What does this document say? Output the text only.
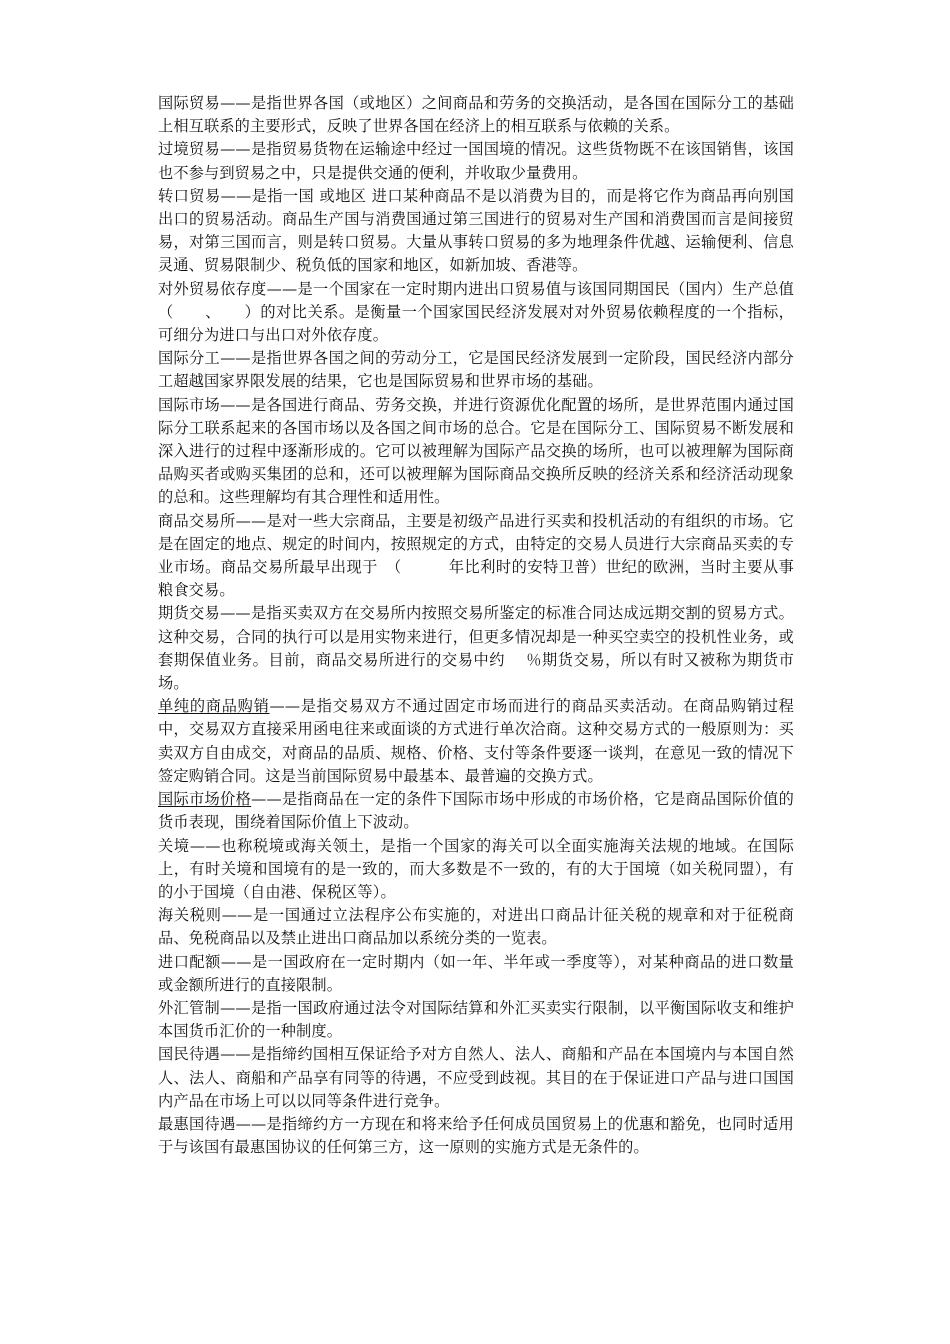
国际贸易——是指世界各国（或地区）之间商品和劳务的交换活动，是各国在国际分工的基础上相互联系的主要形式，反映了世界各国在经济上的相互联系与依赖的关系。

过境贸易——是指贸易货物在运输途中经过一国国境的情况。这些货物既不在该国销售，该国也不参与到贸易之中，只是提供交通的便利，并收取少量费用。

转口贸易——是指一国 或地区 进口某种商品不是以消费为目的，而是将它作为商品再向别国出口的贸易活动。商品生产国与消费国通过第三国进行的贸易对生产国和消费国而言是间接贸易，对第三国而言，则是转口贸易。大量从事转口贸易的多为地理条件优越、运输便利、信息灵通、贸易限制少、税负低的国家和地区，如新加坡、香港等。

对外贸易依存度——是一个国家在一定时期内进出口贸易值与该国同期国民（国内）生产总值（　　、　　）的对比关系。是衡量一个国家国民经济发展对对外贸易依赖程度的一个指标，可细分为进口与出口对外依存度。

国际分工——是指世界各国之间的劳动分工，它是国民经济发展到一定阶段，国民经济内部分工超越国家界限发展的结果，它也是国际贸易和世界市场的基础。

国际市场——是各国进行商品、劳务交换，并进行资源优化配置的场所，是世界范围内通过国际分工联系起来的各国市场以及各国之间市场的总合。它是在国际分工、国际贸易不断发展和深入进行的过程中逐渐形成的。它可以被理解为国际产品交换的场所，也可以被理解为国际商品购买者或购买集团的总和，还可以被理解为国际商品交换所反映的经济关系和经济活动现象的总和。这些理解均有其合理性和适用性。

商品交易所——是对一些大宗商品，主要是初级产品进行买卖和投机活动的有组织的市场。它是在固定的地点、规定的时间内，按照规定的方式，由特定的交易人员进行大宗商品买卖的专业市场。商品交易所最早出现于　（　　　年比利时的安特卫普）世纪的欧洲，当时主要从事粮食交易。

期货交易——是指买卖双方在交易所内按照交易所鉴定的标准合同达成远期交割的贸易方式。这种交易，合同的执行可以是用实物来进行，但更多情况却是一种买空卖空的投机性业务，或套期保值业务。目前，商品交易所进行的交易中约　 ％期货交易，所以有时又被称为期货市场。

单纯的商品购销——是指交易双方不通过固定市场而进行的商品买卖活动。在商品购销过程中，交易双方直接采用函电往来或面谈的方式进行单次洽商。这种交易方式的一般原则为：买卖双方自由成交，对商品的品质、规格、价格、支付等条件要逐一谈判，在意见一致的情况下签定购销合同。这是当前国际贸易中最基本、最普遍的交换方式。

国际市场价格——是指商品在一定的条件下国际市场中形成的市场价格，它是商品国际价值的货币表现，围绕着国际价值上下波动。

关境——也称税境或海关领土，是指一个国家的海关可以全面实施海关法规的地域。在国际上，有时关境和国境有的是一致的，而大多数是不一致的，有的大于国境（如关税同盟），有的小于国境（自由港、保税区等）。

海关税则——是一国通过立法程序公布实施的，对进出口商品计征关税的规章和对于征税商品、免税商品以及禁止进出口商品加以系统分类的一览表。

进口配额——是一国政府在一定时期内（如一年、半年或一季度等），对某种商品的进口数量或金额所进行的直接限制。

外汇管制——是指一国政府通过法令对国际结算和外汇买卖实行限制，以平衡国际收支和维护本国货币汇价的一种制度。

国民待遇——是指缔约国相互保证给予对方自然人、法人、商船和产品在本国境内与本国自然人、法人、商船和产品享有同等的待遇，不应受到歧视。其目的在于保证进口产品与进口国国内产品在市场上可以以同等条件进行竞争。

最惠国待遇——是指缔约方一方现在和将来给予任何成员国贸易上的优惠和豁免，也同时适用于与该国有最惠国协议的任何第三方，这一原则的实施方式是无条件的。
